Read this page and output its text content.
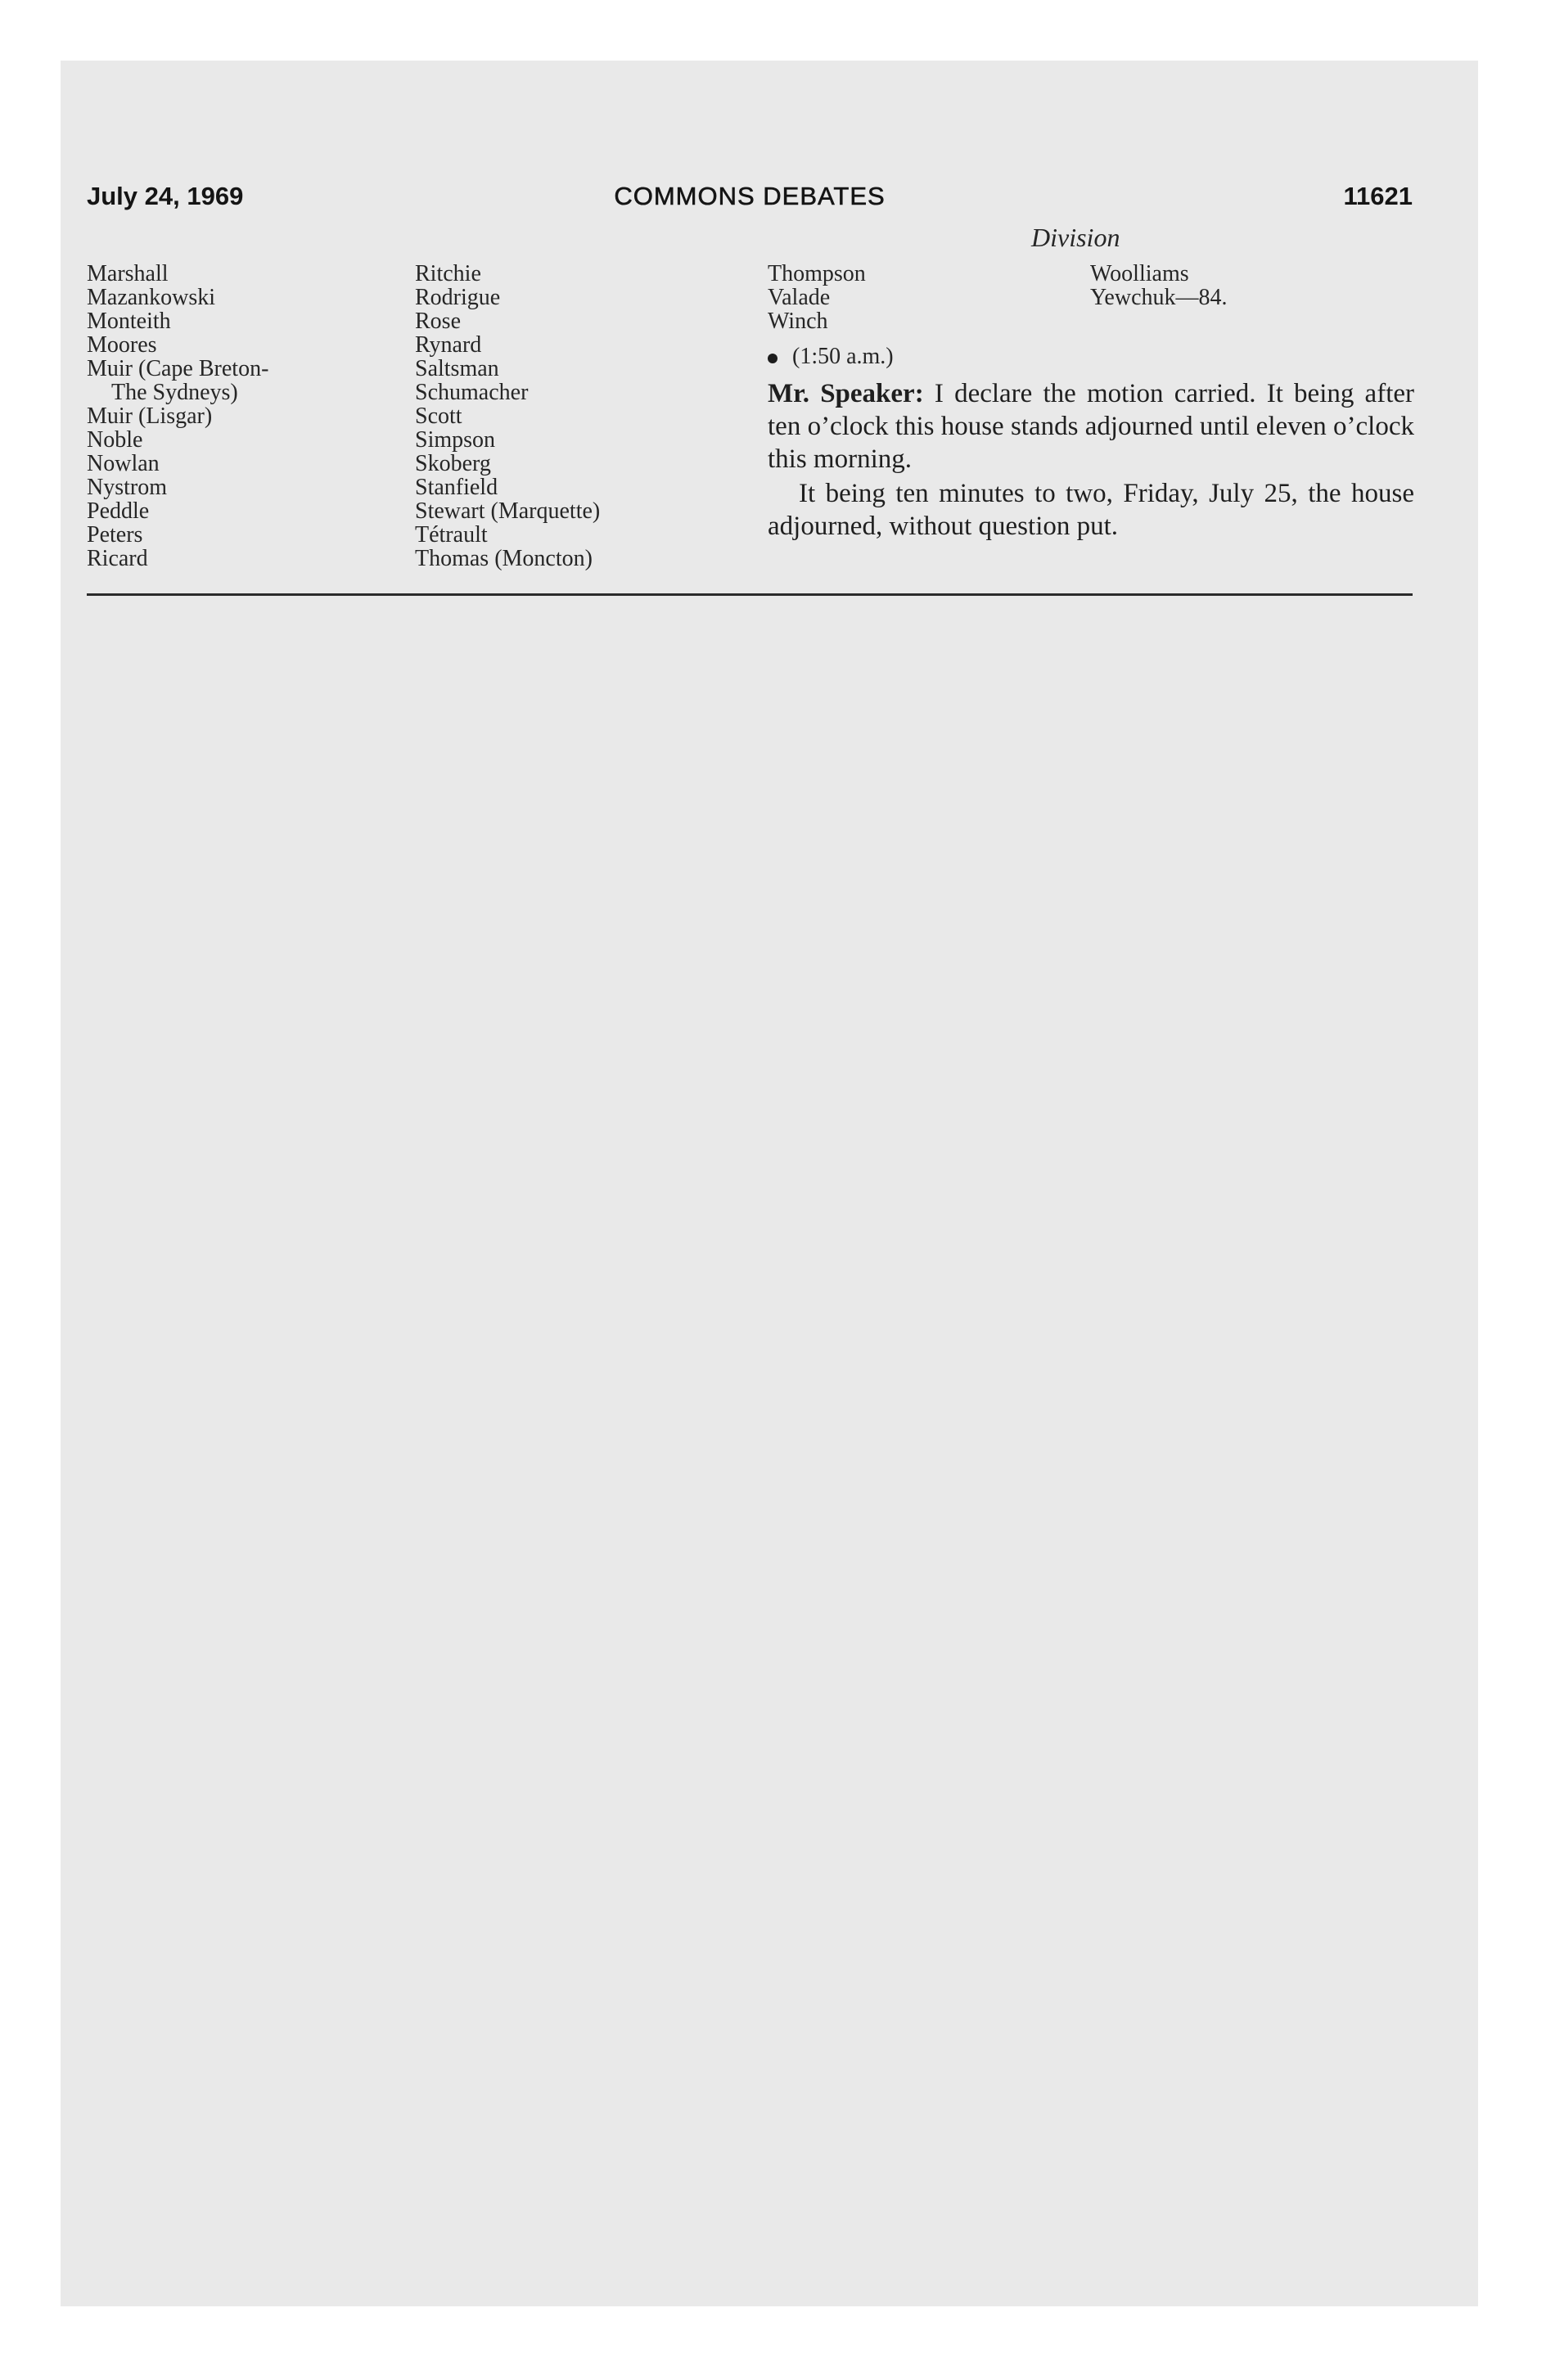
July 24, 1969	COMMONS DEBATES	11621
Division
Marshall
Mazankowski
Monteith
Moores
Muir (Cape Breton-
The Sydneys)
Muir (Lisgar)
Noble
Nowlan
Nystrom
Peddle
Peters
Ricard
Ritchie
Rodrigue
Rose
Rynard
Saltsman
Schumacher
Scott
Simpson
Skoberg
Stanfield
Stewart (Marquette)
Tétrault
Thomas (Moncton)
Thompson
Valade
Winch
Woolliams
Yewchuk—84.
(1:50 a.m.)
Mr. Speaker: I declare the motion carried. It being after ten o’clock this house stands adjourned until eleven o’clock this morning.
It being ten minutes to two, Friday, July 25, the house adjourned, without question put.
